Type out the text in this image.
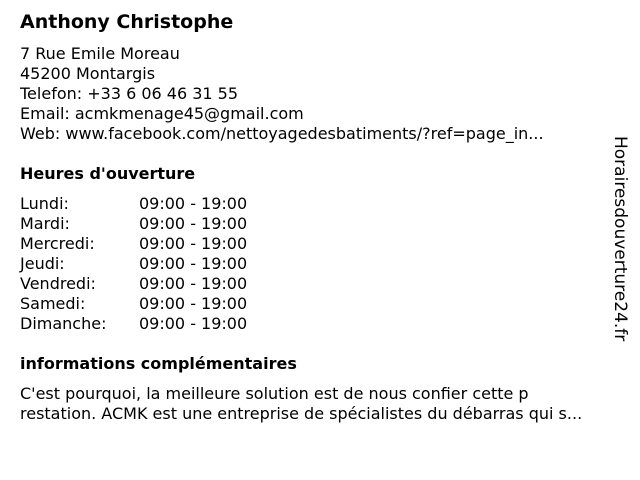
Anthony Christophe
7 Rue Emile Moreau
45200 Montargis
Telefon: +33 6 06 46 31 55
Email: acmkmenage45@gmail.com
Web: www.facebook.com/nettoyagedesbatiments/?ref=page_in...
Heures d'ouverture
Lundi:	09:00 - 19:00
Mardi:	09:00 - 19:00
Mercredi:	09:00 - 19:00
Jeudi:	09:00 - 19:00
Vendredi:	09:00 - 19:00
Samedi:	09:00 - 19:00
Dimanche: 09:00 - 19:00
informations complémentaires
C'est pourquoi, la meilleure solution est de nous confier cette p
restation. ACMK est une entreprise de spécialistes du débarras qui s...
Horairesdouverture24.fr
